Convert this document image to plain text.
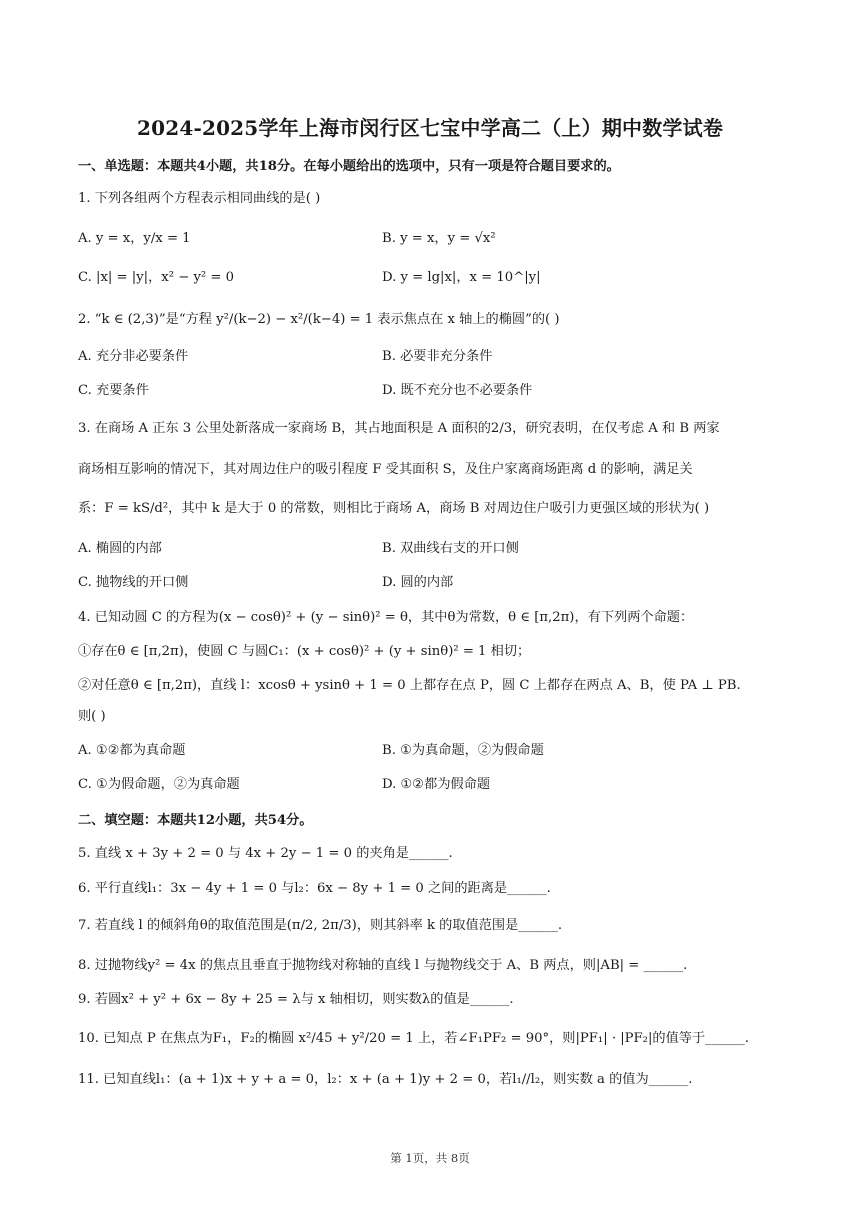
2024-2025学年上海市闵行区七宝中学高二（上）期中数学试卷
一、单选题：本题共4小题，共18分。在每小题给出的选项中，只有一项是符合题目要求的。
1. 下列各组两个方程表示相同曲线的是( )
A. y = x，y/x = 1	B. y = x，y = √x²
C. |x| = |y|，x² − y² = 0	D. y = lg|x|，x = 10^|y|
2. “k ∈ (2,3)”是“方程 y²/(k−2) − x²/(k−4) = 1 表示焦点在 x 轴上的椭圆”的( )
A. 充分非必要条件	B. 必要非充分条件
C. 充要条件	D. 既不充分也不必要条件
3. 在商场 A 正东 3 公里处新落成一家商场 B，其占地面积是 A 面积的2/3，研究表明，在仅考虑 A 和 B 两家
商场相互影响的情况下，其对周边住户的吸引程度 F 受其面积 S，及住户家离商场距离 d 的影响，满足关
系：F = kS/d²，其中 k 是大于 0 的常数，则相比于商场 A，商场 B 对周边住户吸引力更强区域的形状为( )
A. 椭圆的内部	B. 双曲线右支的开口侧
C. 抛物线的开口侧	D. 圆的内部
4. 已知动圆 C 的方程为(x − cosθ)² + (y − sinθ)² = θ，其中θ为常数，θ ∈ [π,2π)，有下列两个命题：
①存在θ ∈ [π,2π)，使圆 C 与圆C₁：(x + cosθ)² + (y + sinθ)² = 1 相切；
②对任意θ ∈ [π,2π)，直线 l：xcosθ + ysinθ + 1 = 0 上都存在点 P，圆 C 上都存在两点 A、B，使 PA ⊥ PB.
则( )
A. ①②都为真命题	B. ①为真命题，②为假命题
C. ①为假命题，②为真命题	D. ①②都为假命题
二、填空题：本题共12小题，共54分。
5. 直线 x + 3y + 2 = 0 与 4x + 2y − 1 = 0 的夹角是______.
6. 平行直线l₁：3x − 4y + 1 = 0 与l₂：6x − 8y + 1 = 0 之间的距离是______.
7. 若直线 l 的倾斜角θ的取值范围是(π/2, 2π/3)，则其斜率 k 的取值范围是______.
8. 过抛物线y² = 4x 的焦点且垂直于抛物线对称轴的直线 l 与抛物线交于 A、B 两点，则|AB| = ______.
9. 若圆x² + y² + 6x − 8y + 25 = λ与 x 轴相切，则实数λ的值是______.
10. 已知点 P 在焦点为F₁，F₂的椭圆 x²/45 + y²/20 = 1 上，若∠F₁PF₂ = 90°，则|PF₁| · |PF₂|的值等于______.
11. 已知直线l₁：(a + 1)x + y + a = 0，l₂：x + (a + 1)y + 2 = 0，若l₁//l₂，则实数 a 的值为______.
第 1页，共 8页
